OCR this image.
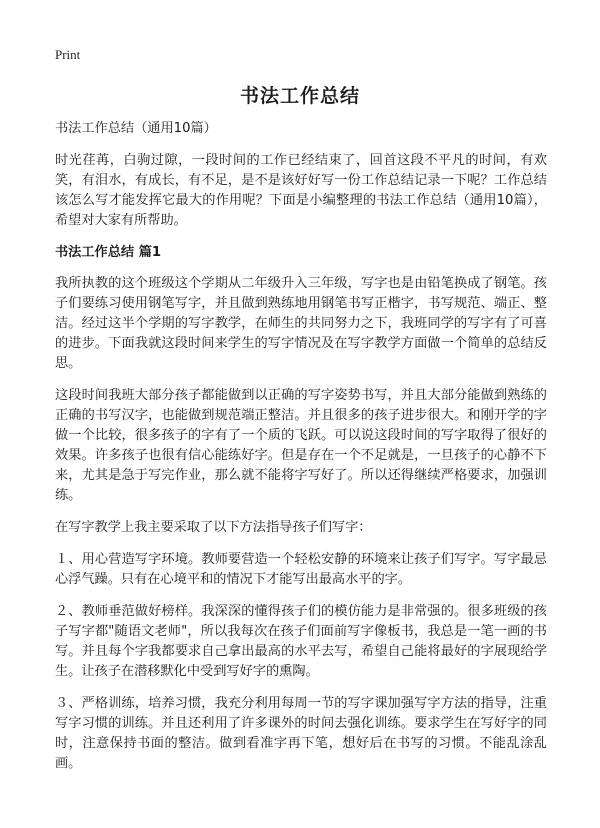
Print
书法工作总结
书法工作总结（通用10篇）

时光荏苒，白驹过隙，一段时间的工作已经结束了，回首这段不平凡的时间，有欢笑，有泪水，有成长，有不足，是不是该好好写一份工作总结记录一下呢？工作总结该怎么写才能发挥它最大的作用呢？下面是小编整理的书法工作总结（通用10篇），希望对大家有所帮助。

书法工作总结 篇1

我所执教的这个班级这个学期从二年级升入三年级，写字也是由铅笔换成了钢笔。孩子们要练习使用钢笔写字，并且做到熟练地用钢笔书写正楷字，书写规范、端正、整洁。经过这半个学期的写字教学，在师生的共同努力之下，我班同学的写字有了可喜的进步。下面我就这段时间来学生的写字情况及在写字教学方面做一个简单的总结反思。

这段时间我班大部分孩子都能做到以正确的写字姿势书写，并且大部分能做到熟练的正确的书写汉字，也能做到规范端正整洁。并且很多的孩子进步很大。和刚开学的字做一个比较，很多孩子的字有了一个质的飞跃。可以说这段时间的写字取得了很好的效果。许多孩子也很有信心能练好字。但是存在一个不足就是，一旦孩子的心静不下来，尤其是急于写完作业，那么就不能将字写好了。所以还得继续严格要求，加强训练。

在写字教学上我主要采取了以下方法指导孩子们写字：

１、用心营造写字环境。教师要营造一个轻松安静的环境来让孩子们写字。写字最忌心浮气躁。只有在心境平和的情况下才能写出最高水平的字。

２、教师垂范做好榜样。我深深的懂得孩子们的模仿能力是非常强的。很多班级的孩子写字都"随语文老师"，所以我每次在孩子们面前写字像板书，我总是一笔一画的书写。并且每个字我都要求自己拿出最高的水平去写，希望自己能将最好的字展现给学生。让孩子在潜移默化中受到写好字的熏陶。

３、严格训练，培养习惯，我充分利用每周一节的写字课加强写字方法的指导，注重写字习惯的训练。并且还利用了许多课外的时间去强化训练。要求学生在写好字的同时，注意保持书面的整洁。做到看准字再下笔，想好后在书写的习惯。不能乱涂乱画。
